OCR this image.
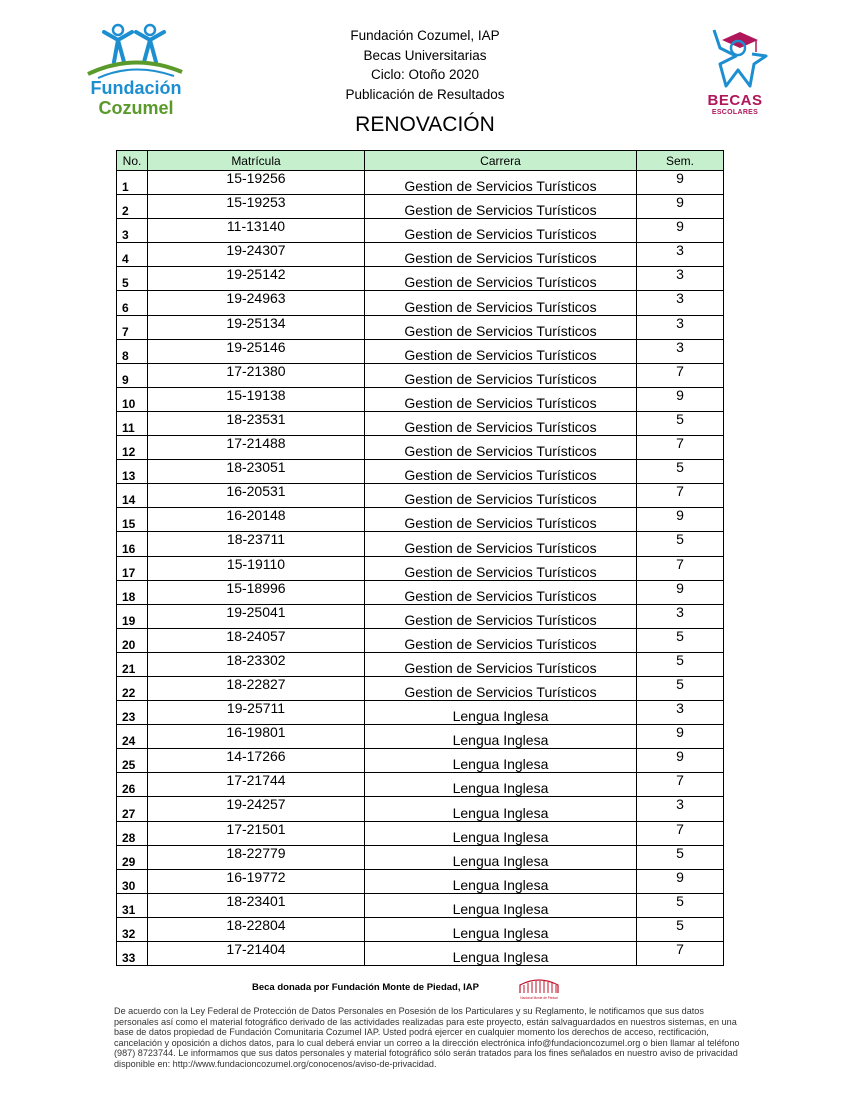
Fundación
Cozumel
Fundación Cozumel, IAP
Becas Universitarias
Ciclo: Otoño 2020
Publicación de Resultados	BECAS
ESCOLARES
RENOVACIÓN
No.	Matrícula	Carrera	Sem.
1	15-19256	Gestion de Servicios Turísticos	9
2	15-19253	Gestion de Servicios Turísticos	9
3	11-13140	Gestion de Servicios Turísticos	9
4	19-24307	Gestion de Servicios Turísticos	3
5	19-25142	Gestion de Servicios Turísticos	3
6	19-24963	Gestion de Servicios Turísticos	3
7	19-25134	Gestion de Servicios Turísticos	3
8	19-25146	Gestion de Servicios Turísticos	3
9	17-21380	Gestion de Servicios Turísticos	7
10	15-19138	Gestion de Servicios Turísticos	9
11	18-23531	Gestion de Servicios Turísticos	5
12	17-21488	Gestion de Servicios Turísticos	7
13	18-23051	Gestion de Servicios Turísticos	5
14	16-20531	Gestion de Servicios Turísticos	7
15	16-20148	Gestion de Servicios Turísticos	9
16	18-23711	Gestion de Servicios Turísticos	5
17	15-19110	Gestion de Servicios Turísticos	7
18	15-18996	Gestion de Servicios Turísticos	9
19	19-25041	Gestion de Servicios Turísticos	3
20	18-24057	Gestion de Servicios Turísticos	5
21	18-23302	Gestion de Servicios Turísticos	5
22	18-22827	Gestion de Servicios Turísticos	5
23	19-25711	Lengua Inglesa	3
24	16-19801	Lengua Inglesa	9
25	14-17266	Lengua Inglesa	9
26	17-21744	Lengua Inglesa	7
27	19-24257	Lengua Inglesa	3
28	17-21501	Lengua Inglesa	7
29	18-22779	Lengua Inglesa	5
30	16-19772	Lengua Inglesa	9
31	18-23401	Lengua Inglesa	5
32	18-22804	Lengua Inglesa	5
33	17-21404	Lengua Inglesa	7
Beca donada por Fundación Monte de Piedad, IAP
Nacional Monte de Piedad
De acuerdo con la Ley Federal de Protección de Datos Personales en Posesión de los Particulares y su Reglamento, le notificamos que sus datos personales así como el material fotográfico derivado de las actividades realizadas para este proyecto, están salvaguardados en nuestros sistemas, en una base de datos propiedad de Fundación Comunitaria Cozumel IAP. Usted podrá ejercer en cualquier momento los derechos de acceso, rectificación, cancelación y oposición a dichos datos, para lo cual deberá enviar un correo a la dirección electrónica info@fundacioncozumel.org o bien llamar al teléfono (987) 8723744. Le informamos que sus datos personales y material fotográfico sólo serán tratados para los fines señalados en nuestro aviso de privacidad disponible en: http://www.fundacioncozumel.org/conocenos/aviso-de-privacidad.
